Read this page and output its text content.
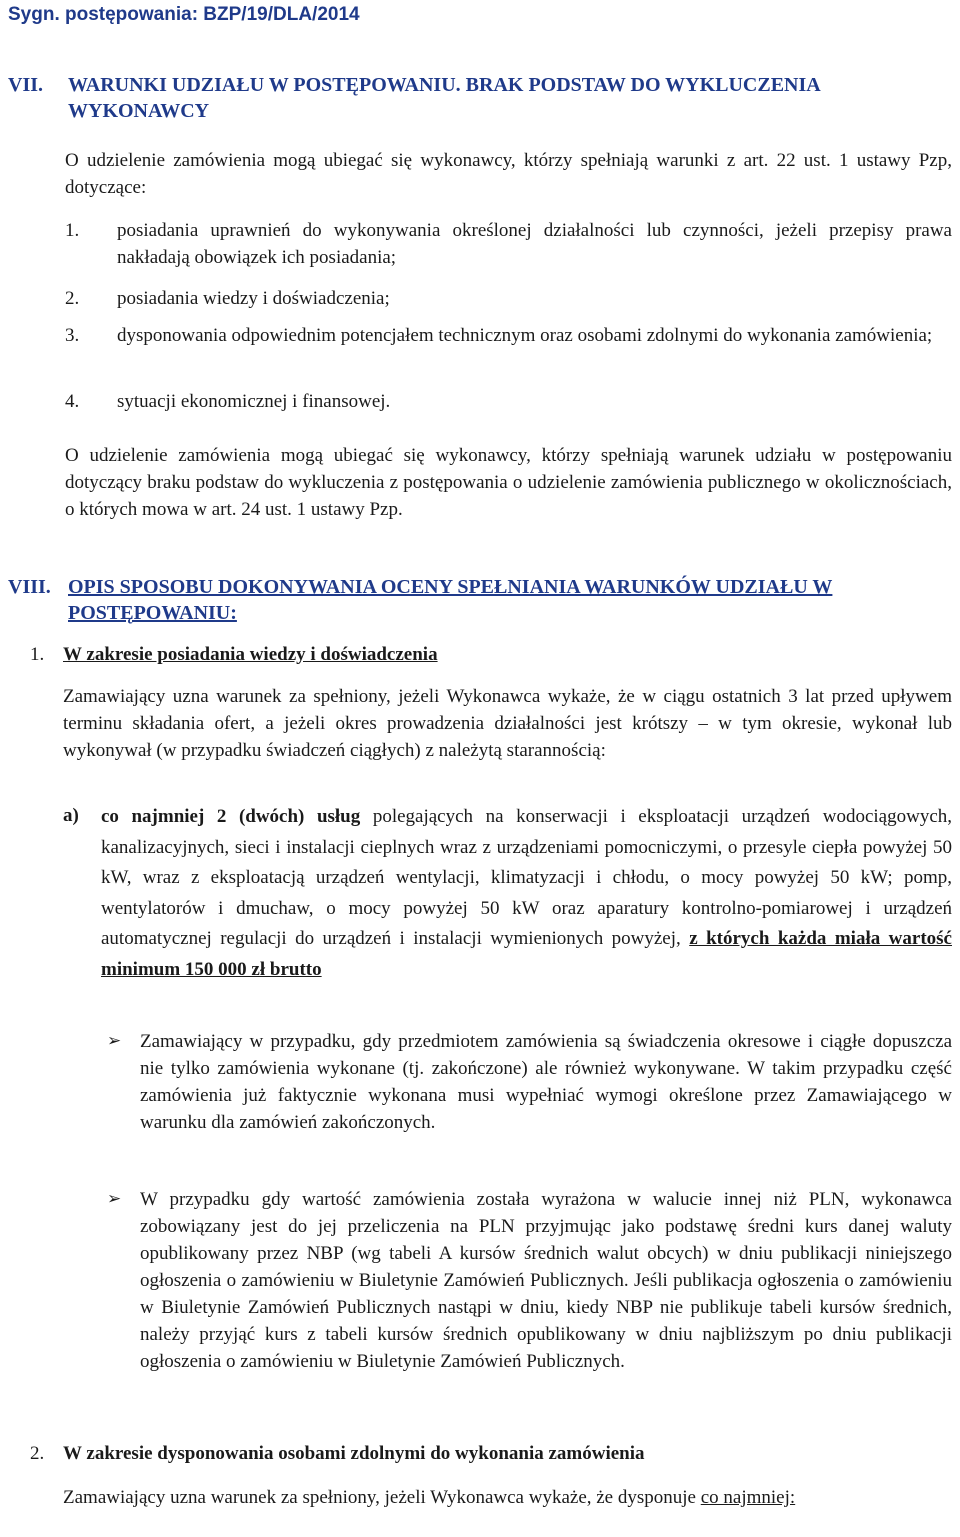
Sygn. postępowania: BZP/19/DLA/2014
VII. WARUNKI UDZIAŁU W POSTĘPOWANIU. BRAK PODSTAW DO WYKLUCZENIA WYKONAWCY

O udzielenie zamówienia mogą ubiegać się wykonawcy, którzy spełniają warunki z art. 22 ust. 1 ustawy Pzp, dotyczące:

1.	posiadania uprawnień do wykonywania określonej działalności lub czynności, jeżeli przepisy prawa nakładają obowiązek ich posiadania;
2.	posiadania wiedzy i doświadczenia;
3.	dysponowania odpowiednim potencjałem technicznym oraz osobami zdolnymi do wykonania zamówienia;
4.	sytuacji ekonomicznej i finansowej.

O udzielenie zamówienia mogą ubiegać się wykonawcy, którzy spełniają warunek udziału w postępowaniu dotyczący braku podstaw do wykluczenia z postępowania o udzielenie zamówienia publicznego w okolicznościach, o których mowa w art. 24 ust. 1 ustawy Pzp.

VIII. OPIS SPOSOBU DOKONYWANIA OCENY SPEŁNIANIA WARUNKÓW UDZIAŁU W POSTĘPOWANIU:
1. W zakresie posiadania wiedzy i doświadczenia

Zamawiający uzna warunek za spełniony, jeżeli Wykonawca wykaże, że w ciągu ostatnich 3 lat przed upływem terminu składania ofert, a jeżeli okres prowadzenia działalności jest krótszy – w tym okresie, wykonał lub wykonywał (w przypadku świadczeń ciągłych) z należytą starannością:

a)	co najmniej 2 (dwóch) usług polegających na konserwacji i eksploatacji urządzeń wodociągowych, kanalizacyjnych, sieci i instalacji cieplnych wraz z urządzeniami pomocniczymi, o przesyle ciepła powyżej 50 kW, wraz z eksploatacją urządzeń wentylacji, klimatyzacji i chłodu, o mocy powyżej 50 kW; pomp, wentylatorów i dmuchaw, o mocy powyżej 50 kW oraz aparatury kontrolno-pomiarowej i urządzeń automatycznej regulacji do urządzeń i instalacji wymienionych powyżej, z których każda miała wartość minimum 150 000 zł brutto
➢ Zamawiający w przypadku, gdy przedmiotem zamówienia są świadczenia okresowe i ciągłe dopuszcza nie tylko zamówienia wykonane (tj. zakończone) ale również wykonywane. W takim przypadku część zamówienia już faktycznie wykonana musi wypełniać wymogi określone przez Zamawiającego w warunku dla zamówień zakończonych.
➢ W przypadku gdy wartość zamówienia została wyrażona w walucie innej niż PLN, wykonawca zobowiązany jest do jej przeliczenia na PLN przyjmując jako podstawę średni kurs danej waluty opublikowany przez NBP (wg tabeli A kursów średnich walut obcych) w dniu publikacji niniejszego ogłoszenia o zamówieniu w Biuletynie Zamówień Publicznych. Jeśli publikacja ogłoszenia o zamówieniu w Biuletynie Zamówień Publicznych nastąpi w dniu, kiedy NBP nie publikuje tabeli kursów średnich, należy przyjąć kurs z tabeli kursów średnich opublikowany w dniu najbliższym po dniu publikacji ogłoszenia o zamówieniu w Biuletynie Zamówień Publicznych.
2. W zakresie dysponowania osobami zdolnymi do wykonania zamówienia

Zamawiający uzna warunek za spełniony, jeżeli Wykonawca wykaże, że dysponuje co najmniej:
